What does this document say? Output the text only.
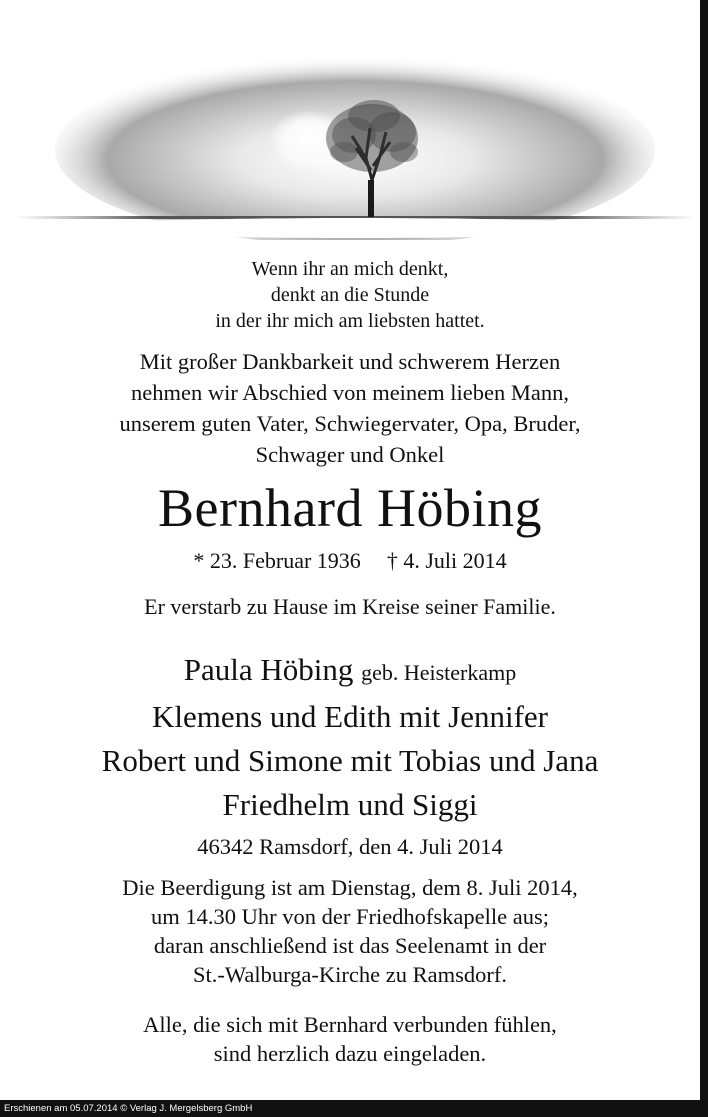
Wenn ihr an mich denkt,
denkt an die Stunde
in der ihr mich am liebsten hattet.
Mit großer Dankbarkeit und schwerem Herzen
nehmen wir Abschied von meinem lieben Mann,
unserem guten Vater, Schwiegervater, Opa, Bruder,
Schwager und Onkel
Bernhard Höbing
* 23. Februar 1936 † 4. Juli 2014
Er verstarb zu Hause im Kreise seiner Familie.
Paula Höbing geb. Heisterkamp
Klemens und Edith mit Jennifer
Robert und Simone mit Tobias und Jana
Friedhelm und Siggi
46342 Ramsdorf, den 4. Juli 2014
Die Beerdigung ist am Dienstag, dem 8. Juli 2014,
um 14.30 Uhr von der Friedhofskapelle aus;
daran anschließend ist das Seelenamt in der
St.-Walburga-Kirche zu Ramsdorf.
Alle, die sich mit Bernhard verbunden fühlen,
sind herzlich dazu eingeladen.
Erschienen am 05.07.2014 © Verlag J. Mergelsberg GmbH
